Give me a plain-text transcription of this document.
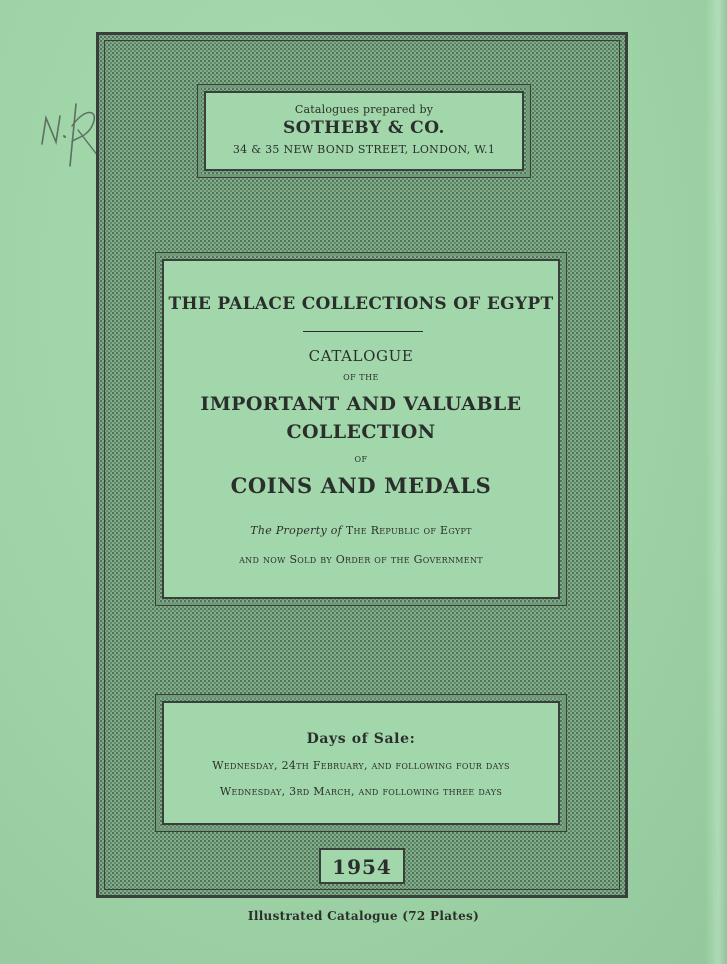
Catalogues prepared by
SOTHEBY & CO.
34 & 35 NEW BOND STREET, LONDON, W.1
THE PALACE COLLECTIONS OF EGYPT
CATALOGUE
OF THE
IMPORTANT AND VALUABLE
COLLECTION
OF
COINS AND MEDALS
The Property of The Republic of Egypt
and now Sold by Order of the Government
Days of Sale:
Wednesday, 24th February, and following four days
Wednesday, 3rd March, and following three days
1954
Illustrated Catalogue (72 Plates)
